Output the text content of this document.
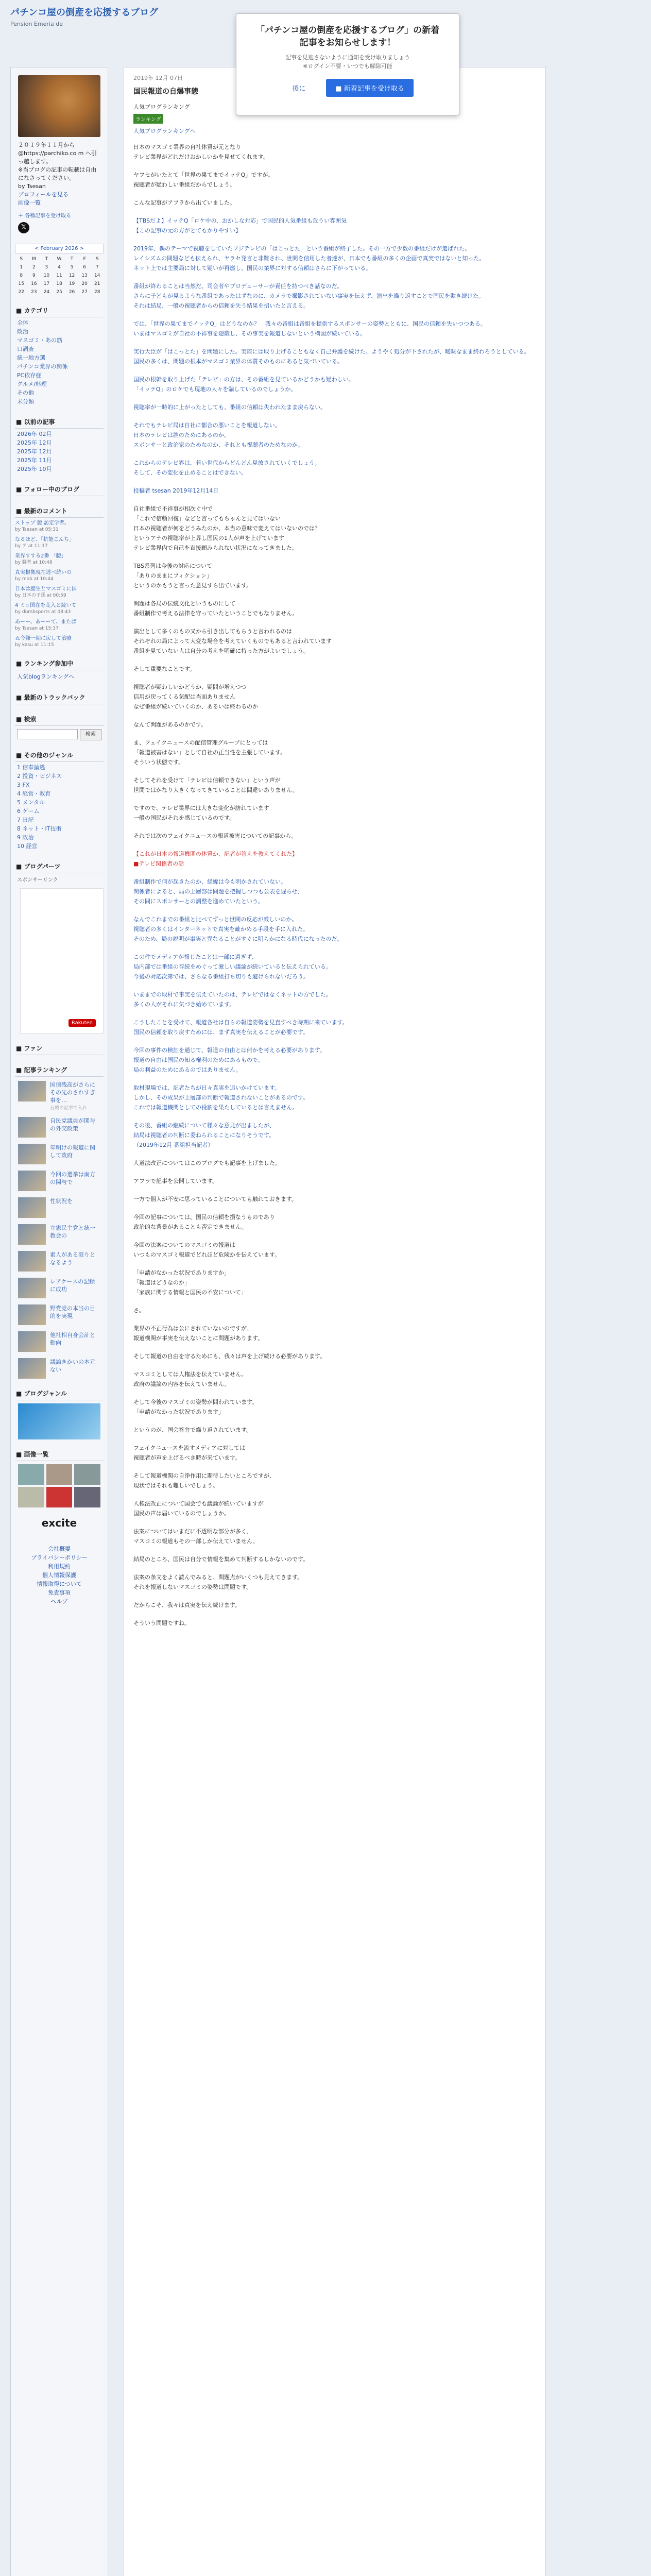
パチンコ屋の倒産を応援するブログ
Pension Emeria de
「パチンコ屋の倒産を応援するブログ」の新着記事をお知らせします！
記事を見逃さないように通知を受け取りましょう
※ログイン不要・いつでも解除可能
後に	■ 新着記事を受け取る
２０１９年１１月から@https://parchiko.co m へ引っ越します。
※当ブログの記事の転載は自由になさってください。
by Tsesan
プロフィールを見る
画像一覧
＋ 各種記事を受け取る
𝕏
< February 2026 >
S	M	T	W	T	F	S
1	2	3	4	5	6	7
8	9	10	11	12	13	14
15	16	17	18	19	20	21
22	23	24	25	26	27	28
■ カテゴリ
全体
政治
マスゴミ・あの筋
口調査
統一地方選
パチンコ業界の関係
PC依存症
グルメ/料理
その他
未分類
■ 以前の記事
2026年 02月
2025年 12月
2025年 12月
2025年 11月
2025年 10月
■ フォロー中のブログ
■ 最新のコメント
ストップ 腰 訪定学者。
by Tsesan at 05:31
なるほど、「抗能ごんち」
by ア at 11:17
業界すする2番 「腰」
by 腰者 at 10:48
真実根拠現在述べ続いの
by mob at 10:44
日本は腰生とマスゴミに国
by 日本の子孫 at 00:59
4 ミュ国在を乱入と続いて
by dumbsports at 08:43
あーー、あーーて、またば
by Tsesan at 15:37
五今嫌一期に戻して治療
by kasu at 11:15
■ ランキング参加中
人気blogランキングへ
■ 最新のトラックバック
■ 検索
検索
■ その他のジャンル
1 信奉論逃
2 投資・ビジネス
3 FX
4 経営・教育
5 メンタル
6 ゲーム
7 日記
8 ネット・IT技術
9 政治
10 経営
■ ブログパーツ
スポンサーリンク
Rakuten
■ ファン
■ 記事ランキング
国債残高がさらにその先のされすぎ事を…
五穀の記事で入れ
自民党議員が関与の外交政策
年明けの報道に関して政府
今回の選挙は南方の関与で
性状況を
立憲民主党と統一教会の
素人がある限りとなるよう
レアケースの記録に成功
野党党の本当の目的を実現
他社相自身会計と動向
議論きかいの本元ない
■ ブログジャンル
■ 画像一覧
excite
会社概要
プライバシーポリシー
利用規約
個人情報保護
情報取得について
免責事項
ヘルプ
2019年 12月 07日
国民報道の自爆事態
人気ブログランキング
ランキング
人気ブログランキングへ

日本のマスゴミ業界の自社体質が元となり
テレビ業界がどれだけおかしいかを見せてくれます。

ヤフセがいたとて「世界の果てまでイッテQ」ですが。
視聴者が疑わしい番組だからでしょう。

こんな記事がアフラから出ていました。

【TBSだよ】イッテQ「ロケ中の、おかしな対応」で国民的人気番組も危うい雰囲気
【この記事の元の方がとてもかりやすい】

2019年、偶のテーマで視聴をしていたフジテレビの「はこっとた」という番組が終了した。その一方で少数の番組だけが選ばれた。
レイシズムの問題なども伝えられ、ヤラセ発言と非難され、世間を信用した者達が、日本でも番組の多くの企画で真実ではないと知った。
ネット上では主要局に対して疑いが再燃し、国民の業界に対する信頼はさらに下がっている。

番組が終わることは当然だ。司会者やプロデューサーが責任を持つべき話なのだ。
さらに子どもが見るような番組であったはずなのに、カメラで撮影されていない事実を伝えず、演出を繰り返すことで国民を欺き続けた。
それは結局、一般の視聴者からの信頼を失う結果を招いたと言える。

では、「世界の果てまでイッテQ」はどうなのか？　我々の番組は番組を提供するスポンサーの姿勢とともに、国民の信頼を失いつつある。
いまはマスゴミが自社の不祥事を隠蔽し、その事実を報道しないという構図が続いている。

実行大臣が「はこっとた」を問題にした。実際には取り上げることもなく自己弁護を続けた。ようやく処分が下されたが、曖昧なまま終わろうとしている。
国民の多くは、問題の根本がマスゴミ業界の体質そのものにあると気づいている。

国民の根幹を取り上げた「テレビ」の方は、その番組を見ているかどうかも疑わしい。
「イッテQ」のロケでも現地の人々を騙しているのでしょうか。

視聴率が一時的に上がったとしても、番組の信頼は失われたまま戻らない。

それでもテレビ局は自社に都合の悪いことを報道しない。
日本のテレビは誰のためにあるのか。
スポンサーと政治家のためなのか、それとも視聴者のためなのか。

これからのテレビ界は、若い世代からどんどん見放されていくでしょう。
そして、その変化を止めることはできない。

投稿者 tsesan 2019年12月14日

自社番組で不祥事が相次ぐ中で
「これで信頼回復」などと言ってもちゃんと見てはいない
日本の視聴者が何をどうみたのか、本当の意味で変えてはいないのでは？
というアナの視聴率が上昇し国民の1人が声を上げています
テレビ業界内で自己を直接顧みられない状況になってきました。

TBS系列は今後の対応について
「ありのままにフィクション」
というのかもうと言った意見すら出ています。

問題は各局の伝統文化というものにして
番組制作で考える法律を守っていたということでもなりません。

演出として多くのもの又から引き出してもらうと言われるのは
それぞれの局によって大変な場合を考えていくものでもあると言われています
番組を見ていない人は自分の考えを明確に持った方がよいでしょう。

そして重要なことです。

視聴者が疑わしいかどうか、疑問が増えつつ
信用が戻ってくる気配は当面ありません
なぜ番組が続いていくのか、あるいは終わるのか

なんて問題があるのかです。

ま、フェイクニュースの配信管理グループにとっては
「報道被害はない」として自社の正当性を主張しています。
そういう状態です。

そしてそれを受けて「テレビは信頼できない」という声が
世間ではかなり大きくなってきていることは間違いありません。

ですので、テレビ業界には大きな変化が訪れています
一般の国民がそれを感じているのです。

それでは次のフェイクニュースの報道被害についての記事から。

【これが日本の報道機関の体質か、記者が答えを教えてくれた】
■テレビ関係者の話

番組制作で何が起きたのか、経緯は今も明かされていない。
関係者によると、局の上層部は問題を把握しつつも公表を遅らせ、
その間にスポンサーとの調整を進めていたという。

なんでこれまでの番組と比べてずっと世間の反応が厳しいのか。
視聴者の多くはインターネットで真実を確かめる手段を手に入れた。
そのため、局の説明が事実と異なることがすぐに明らかになる時代になったのだ。

この件でメディアが報じたことは一部に過ぎず、
局内部では番組の存続をめぐって激しい議論が続いていると伝えられている。
今後の対応次第では、さらなる番組打ち切りも避けられないだろう。

いままでの取材で事実を伝えていたのは、テレビではなくネットの方でした。
多くの人がそれに気づき始めています。

こうしたことを受けて、報道各社は自らの報道姿勢を見直すべき時期に来ています。
国民の信頼を取り戻すためには、まず真実を伝えることが必要です。

今回の事件の検証を通じて、報道の自由とは何かを考える必要があります。
報道の自由は国民の知る権利のためにあるもので、
局の利益のためにあるのではありません。

取材現場では、記者たちが日々真実を追いかけています。
しかし、その成果が上層部の判断で報道されないことがあるのです。
これでは報道機関としての役割を果たしているとは言えません。

その後、番組の継続について様々な意見が出ましたが、
結局は視聴者の判断に委ねられることになりそうです。
（2019年12月 番組担当記者）

人道法改正についてはこのブログでも記事を上げました。

アフラで記事を公開しています。

一方で個人が不安に思っていることについても触れておきます。

今回の記事については、国民の信頼を損なうものであり
政治的な背景があることも否定できません。

今回の法案についてのマスゴミの報道は
いつものマスゴミ報道でどれほど危険かを伝えています。

「申請がなかった状況でありますか」
「報道はどうなのか」
「家族に関する情報と国民の不安について」

さ。

業界の不正行為は公にされていないのですが、
報道機関が事実を伝えないことに問題があります。

そして報道の自由を守るためにも、我々は声を上げ続ける必要があります。

マスコミとしては人権法を伝えていません。
政府の議論の内容を伝えていません。

そして今後のマスゴミの姿勢が問われています。
「申請がなかった状況であります」

というのが、国会答弁で繰り返されています。

フェイクニュースを流すメディアに対しては
視聴者が声を上げるべき時が来ています。

そして報道機関の自浄作用に期待したいところですが、
現状ではそれも難しいでしょう。

人権法改正について国会でも議論が続いていますが
国民の声は届いているのでしょうか。

法案についてはいまだに不透明な部分が多く、
マスコミの報道もその一部しか伝えていません。

結局のところ、国民は自分で情報を集めて判断するしかないのです。

法案の条文をよく読んでみると、問題点がいくつも見えてきます。
それを報道しないマスゴミの姿勢は問題です。

だからこそ、我々は真実を伝え続けます。

そういう問題ですね。
